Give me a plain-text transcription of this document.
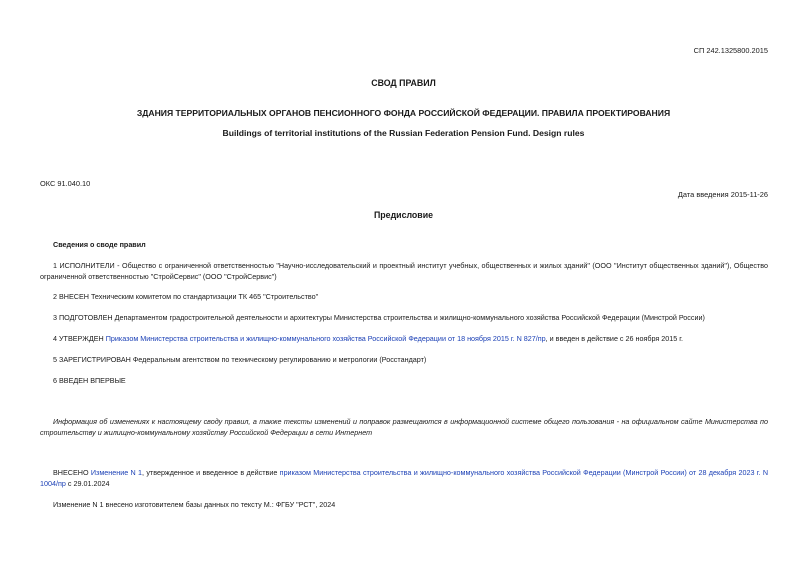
СП 242.1325800.2015
СВОД ПРАВИЛ
ЗДАНИЯ ТЕРРИТОРИАЛЬНЫХ ОРГАНОВ ПЕНСИОННОГО ФОНДА РОССИЙСКОЙ ФЕДЕРАЦИИ. ПРАВИЛА ПРОЕКТИРОВАНИЯ
Buildings of territorial institutions of the Russian Federation Pension Fund. Design rules
ОКС 91.040.10
Дата введения 2015-11-26
Предисловие
Сведения о своде правил
1 ИСПОЛНИТЕЛИ - Общество с ограниченной ответственностью "Научно-исследовательский и проектный институт учебных, общественных и жилых зданий" (ООО "Институт общественных зданий"), Общество ограниченной ответственностью "СтройСервис" (ООО "СтройСервис")
2 ВНЕСЕН Техническим комитетом по стандартизации ТК 465 "Строительство"
3 ПОДГОТОВЛЕН Департаментом градостроительной деятельности и архитектуры Министерства строительства и жилищно-коммунального хозяйства Российской Федерации (Минстрой России)
4 УТВЕРЖДЕН Приказом Министерства строительства и жилищно-коммунального хозяйства Российской Федерации от 18 ноября 2015 г. N 827/пр, и введен в действие с 26 ноября 2015 г.
5 ЗАРЕГИСТРИРОВАН Федеральным агентством по техническому регулированию и метрологии (Росстандарт)
6 ВВЕДЕН ВПЕРВЫЕ
Информация об изменениях к настоящему своду правил, а также тексты изменений и поправок размещаются в информационной системе общего пользования - на официальном сайте Министерства по строительству и жилищно-коммунальному хозяйству Российской Федерации в сети Интернет
ВНЕСЕНО Изменение N 1, утвержденное и введенное в действие приказом Министерства строительства и жилищно-коммунального хозяйства Российской Федерации (Минстрой России) от 28 декабря 2023 г. N 1004/пр с 29.01.2024
Изменение N 1 внесено изготовителем базы данных по тексту М.: ФГБУ "РСТ", 2024
